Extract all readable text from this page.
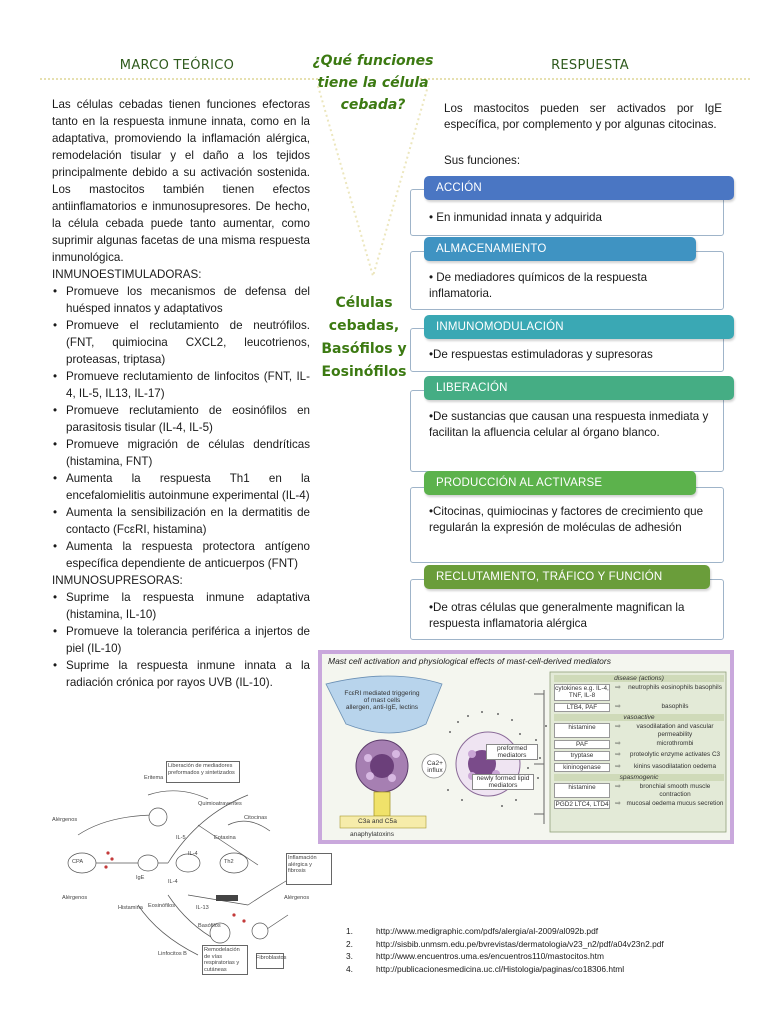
MARCO TEÓRICO	RESPUESTA
¿Qué funciones
tiene la célula
cebada?
Células
cebadas,
Basófilos y
Eosinófilos

Las células cebadas tienen funciones efectoras tanto en la respuesta inmune innata, como en la adaptativa, promoviendo la inflamación alérgica, remodelación tisular y el daño a los tejidos principalmente debido a su activación sostenida. Los mastocitos también tienen efectos antiinflamatorios e inmunosupresores. De hecho, la célula cebada puede tanto aumentar, como suprimir algunas facetas de una misma respuesta inmunológica.

INMUNOESTIMULADORAS:
• Promueve los mecanismos de defensa del huésped innatos y adaptativos
• Promueve el reclutamiento de neutrófilos. (FNT, quimiocina CXCL2, leucotrienos, proteasas, triptasa)
• Promueve reclutamiento de linfocitos (FNT, IL-4, IL-5, IL13, IL-17)
• Promueve reclutamiento de eosinófilos en parasitosis tisular (IL-4, IL-5)
• Promueve migración de células dendríticas (histamina, FNT)
• Aumenta la respuesta Th1 en la encefalomielitis autoinmune experimental (IL-4)
• Aumenta la sensibilización en la dermatitis de contacto (FcεRI, histamina)
• Aumenta la respuesta protectora antígeno específica dependiente de anticuerpos (FNT)
INMUNOSUPRESORAS:
• Suprime la respuesta inmune adaptativa (histamina, IL-10)
• Promueve la tolerancia periférica a injertos de piel (IL-10)
• Suprime la respuesta inmune innata a la radiación crónica por rayos UVB (IL-10).
Los mastocitos pueden ser activados por IgE específica, por complemento y por algunas citocinas.
Sus funciones:
• En inmunidad innata y adquirida
ACCIÓN
• De mediadores químicos de la respuesta inflamatoria.
ALMACENAMIENTO
•De respuestas estimuladoras y supresoras
INMUNOMODULACIÓN
•De sustancias que causan una respuesta inmediata y facilitan la afluencia celular al órgano blanco.
LIBERACIÓN
•Citocinas, quimiocinas y factores de crecimiento que regularán la expresión de moléculas de adhesión
PRODUCCIÓN AL ACTIVARSE
•De otras células que generalmente magnifican la respuesta inflamatoria alérgica
RECLUTAMIENTO, TRÁFICO Y FUNCIÓN
Mast cell activation and physiological effects of mast-cell-derived mediators
FcεRI mediated triggering of mast cells
allergen, anti-IgE, lectins
C3a and C5a
anaphylatoxins
Ca2+ influx
preformed mediators
newly formed lipid mediators
disease (actions)
cytokines e.g. IL-4, TNF, IL-8
⇨	neutrophils eosinophils basophils
LTB4, PAF	⇨	basophils
vasoactive
histamine	⇨	vasodilatation and vascular permeability
PAF	⇨	microthrombi
tryptase	⇨	proteolytic enzyme activates C3
kininogenase	⇨	kinins vasodilatation oedema
spasmogenic
histamine	⇨	bronchial smooth muscle contraction
PGD2 LTC4, LTD4	⇨ mucosal oedema mucus secretion
Liberación de mediadores preformados y sintetizados
Alérgenos
Alérgenos
Eritema
Quimioatrayentes
IgE
IL-4
IL-13
Th2
CPA
Inflamación alérgica y fibrosis
Fibroblastos
Eosinófilos
Alérgenos
Basófilos
Linfocitos B
Eotaxina
Remodelación de vías respiratorias y cutáneas
Histamina
Citocinas
IL-5
IL-4
1.	http://www.medigraphic.com/pdfs/alergia/al-2009/al092b.pdf
2.	http://sisbib.unmsm.edu.pe/bvrevistas/dermatologia/v23_n2/pdf/a04v23n2.pdf
3.	http://www.encuentros.uma.es/encuentros110/mastocitos.htm
4.	http://publicacionesmedicina.uc.cl/Histologia/paginas/co18306.html
